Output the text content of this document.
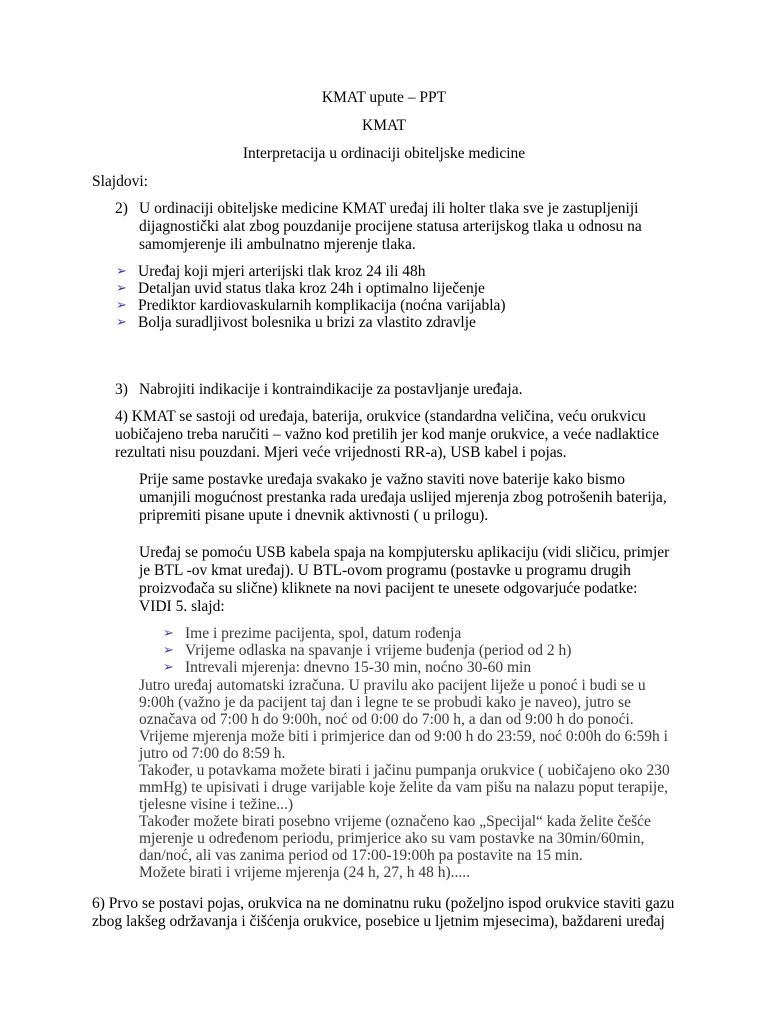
KMAT upute – PPT
KMAT
Interpretacija u ordinaciji obiteljske medicine
Slajdovi:
2) U ordinaciji obiteljske medicine KMAT uređaj ili holter tlaka sve je zastupljeniji
dijagnostički alat zbog pouzdanije procijene statusa arterijskog tlaka u odnosu na
samomjerenje ili ambulnatno mjerenje tlaka.
➢ Uređaj koji mjeri arterijski tlak kroz 24 ili 48h
➢ Detaljan uvid status tlaka kroz 24h i optimalno liječenje
➢ Prediktor kardiovaskularnih komplikacija (noćna varijabla)
➢ Bolja suradljivost bolesnika u brizi za vlastito zdravlje
3) Nabrojiti indikacije i kontraindikacije za postavljanje uređaja.
4) KMAT se sastoji od uređaja, baterija, orukvice (standardna veličina, veću orukvicu
uobičajeno treba naručiti – važno kod pretilih jer kod manje orukvice, a veće nadlaktice
rezultati nisu pouzdani. Mjeri veće vrijednosti RR-a), USB kabel i pojas.
Prije same postavke uređaja svakako je važno staviti nove baterije kako bismo
umanjili mogućnost prestanka rada uređaja uslijed mjerenja zbog potrošenih baterija,
pripremiti pisane upute i dnevnik aktivnosti ( u prilogu).
Uređaj se pomoću USB kabela spaja na kompjutersku aplikaciju (vidi sličicu, primjer
je BTL -ov kmat uređaj). U BTL-ovom programu (postavke u programu drugih
proizvođača su slične) kliknete na novi pacijent te unesete odgovarjuće podatke:
VIDI 5. slajd:
➢ Ime i prezime pacijenta, spol, datum rođenja
➢ Vrijeme odlaska na spavanje i vrijeme buđenja (period od 2 h)
➢ Intrevali mjerenja: dnevno 15-30 min, noćno 30-60 min
Jutro uređaj automatski izračuna. U pravilu ako pacijent liježe u ponoć i budi se u
9:00h (važno je da pacijent taj dan i legne te se probudi kako je naveo), jutro se
označava od 7:00 h do 9:00h, noć od 0:00 do 7:00 h, a dan od 9:00 h do ponoći.
Vrijeme mjerenja može biti i primjerice dan od 9:00 h do 23:59, noć 0:00h do 6:59h i
jutro od 7:00 do 8:59 h.
Također, u potavkama možete birati i jačinu pumpanja orukvice ( uobičajeno oko 230
mmHg) te upisivati i druge varijable koje želite da vam pišu na nalazu poput terapije,
tjelesne visine i težine...)
Također možete birati posebno vrijeme (označeno kao „Specijal“ kada želite češće
mjerenje u određenom periodu, primjerice ako su vam postavke na 30min/60min,
dan/noć, ali vas zanima period od 17:00-19:00h pa postavite na 15 min.
Možete birati i vrijeme mjerenja (24 h, 27, h 48 h).....
6) Prvo se postavi pojas, orukvica na ne dominatnu ruku (poželjno ispod orukvice staviti gazu
zbog lakšeg održavanja i čišćenja orukvice, posebice u ljetnim mjesecima), baždareni uređaj
